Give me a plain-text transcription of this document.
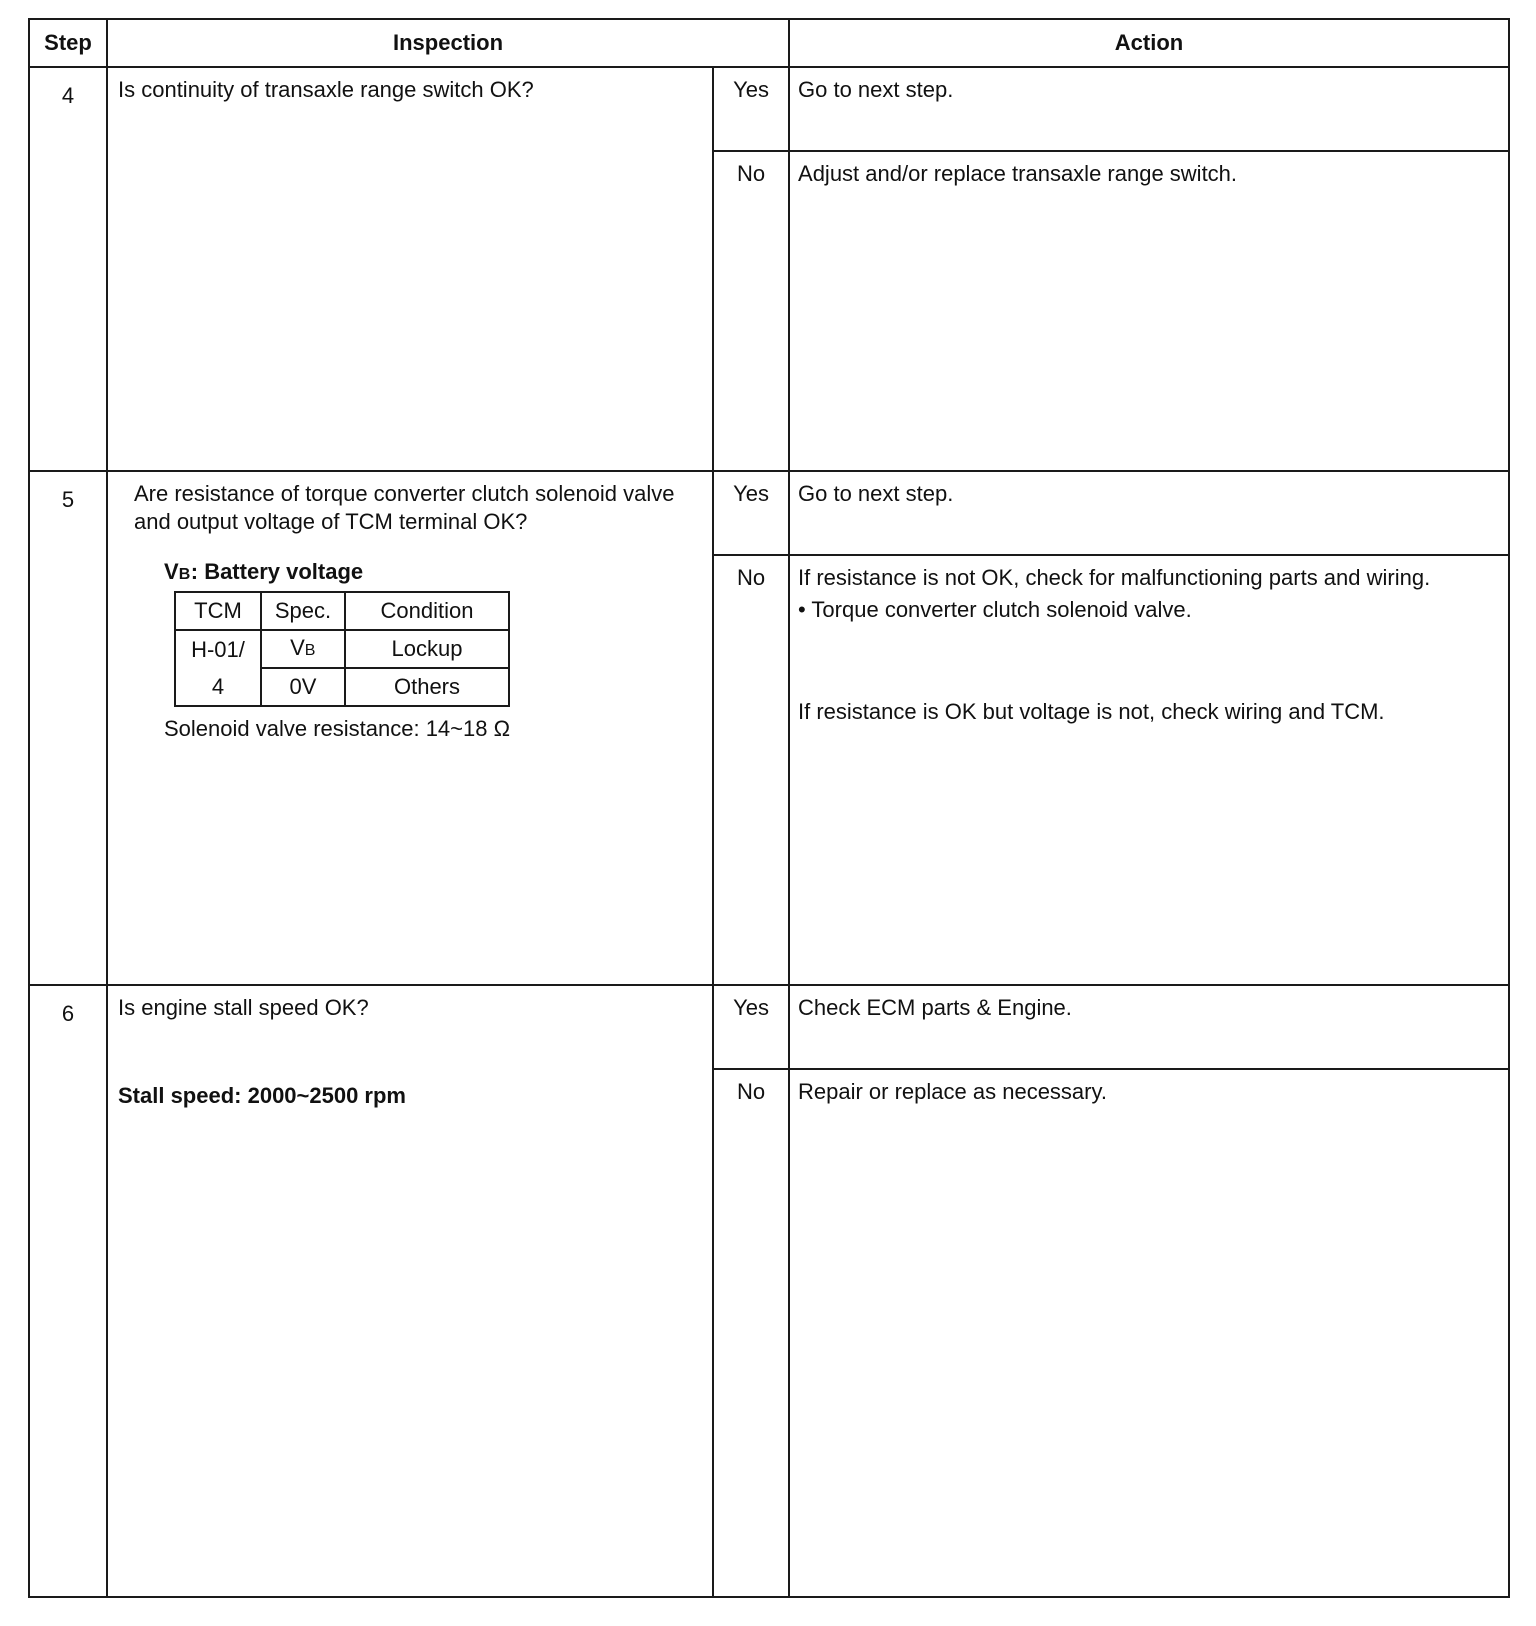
Step	Inspection	Action
4	Is continuity of transaxle range switch OK?	Yes	Go to next step.
No	Adjust and/or replace transaxle range switch.
5	Are resistance of torque converter clutch solenoid valve and output voltage of TCM terminal OK?
VB: Battery voltage
TCM	Spec.	Condition
H-01/	VB	Lockup
4	0V	Others
Solenoid valve resistance: 14~18 Ω
	Yes	Go to next step.
No	If resistance is not OK, check for malfunctioning parts and wiring.
• Torque converter clutch solenoid valve.
If resistance is OK but voltage is not, check wiring and TCM.

6	Is engine stall speed OK?
Stall speed: 2000~2500 rpm
	Yes	Check ECM parts & Engine.
No	Repair or replace as necessary.
